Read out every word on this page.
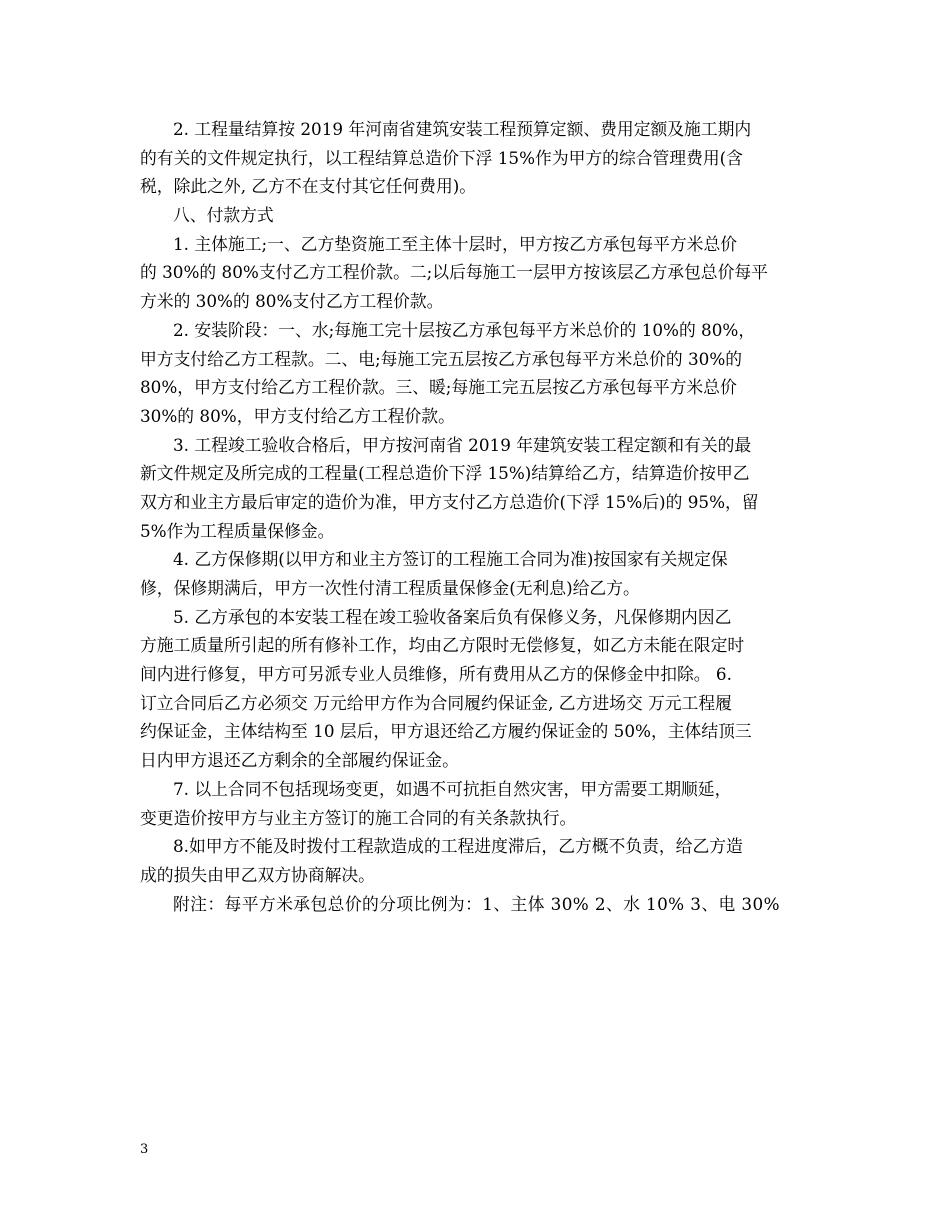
2. 工程量结算按 2019 年河南省建筑安装工程预算定额、费用定额及施工期内
的有关的文件规定执行，以工程结算总造价下浮 15%作为甲方的综合管理费用(含
税，除此之外, 乙方不在支付其它任何费用)。
八、付款方式
1. 主体施工;一、乙方垫资施工至主体十层时，甲方按乙方承包每平方米总价
的 30%的 80%支付乙方工程价款。二;以后每施工一层甲方按该层乙方承包总价每平
方米的 30%的 80%支付乙方工程价款。
2. 安装阶段：一、水;每施工完十层按乙方承包每平方米总价的 10%的 80%，
甲方支付给乙方工程款。二、电;每施工完五层按乙方承包每平方米总价的 30%的
80%，甲方支付给乙方工程价款。三、暖;每施工完五层按乙方承包每平方米总价
30%的 80%，甲方支付给乙方工程价款。
3. 工程竣工验收合格后，甲方按河南省 2019 年建筑安装工程定额和有关的最
新文件规定及所完成的工程量(工程总造价下浮 15%)结算给乙方，结算造价按甲乙
双方和业主方最后审定的造价为准，甲方支付乙方总造价(下浮 15%后)的 95%，留
5%作为工程质量保修金。
4. 乙方保修期(以甲方和业主方签订的工程施工合同为准)按国家有关规定保
修，保修期满后，甲方一次性付清工程质量保修金(无利息)给乙方。
5. 乙方承包的本安装工程在竣工验收备案后负有保修义务，凡保修期内因乙
方施工质量所引起的所有修补工作，均由乙方限时无偿修复，如乙方未能在限定时
间内进行修复，甲方可另派专业人员维修，所有费用从乙方的保修金中扣除。 6.
订立合同后乙方必须交 万元给甲方作为合同履约保证金, 乙方进场交 万元工程履
约保证金，主体结构至 10 层后，甲方退还给乙方履约保证金的 50%，主体结顶三
日内甲方退还乙方剩余的全部履约保证金。
7. 以上合同不包括现场变更，如遇不可抗拒自然灾害，甲方需要工期顺延，
变更造价按甲方与业主方签订的施工合同的有关条款执行。
8.如甲方不能及时拨付工程款造成的工程进度滞后，乙方概不负责，给乙方造
成的损失由甲乙双方协商解决。
附注：每平方米承包总价的分项比例为：1、主体 30% 2、水 10% 3、电 30%
3
